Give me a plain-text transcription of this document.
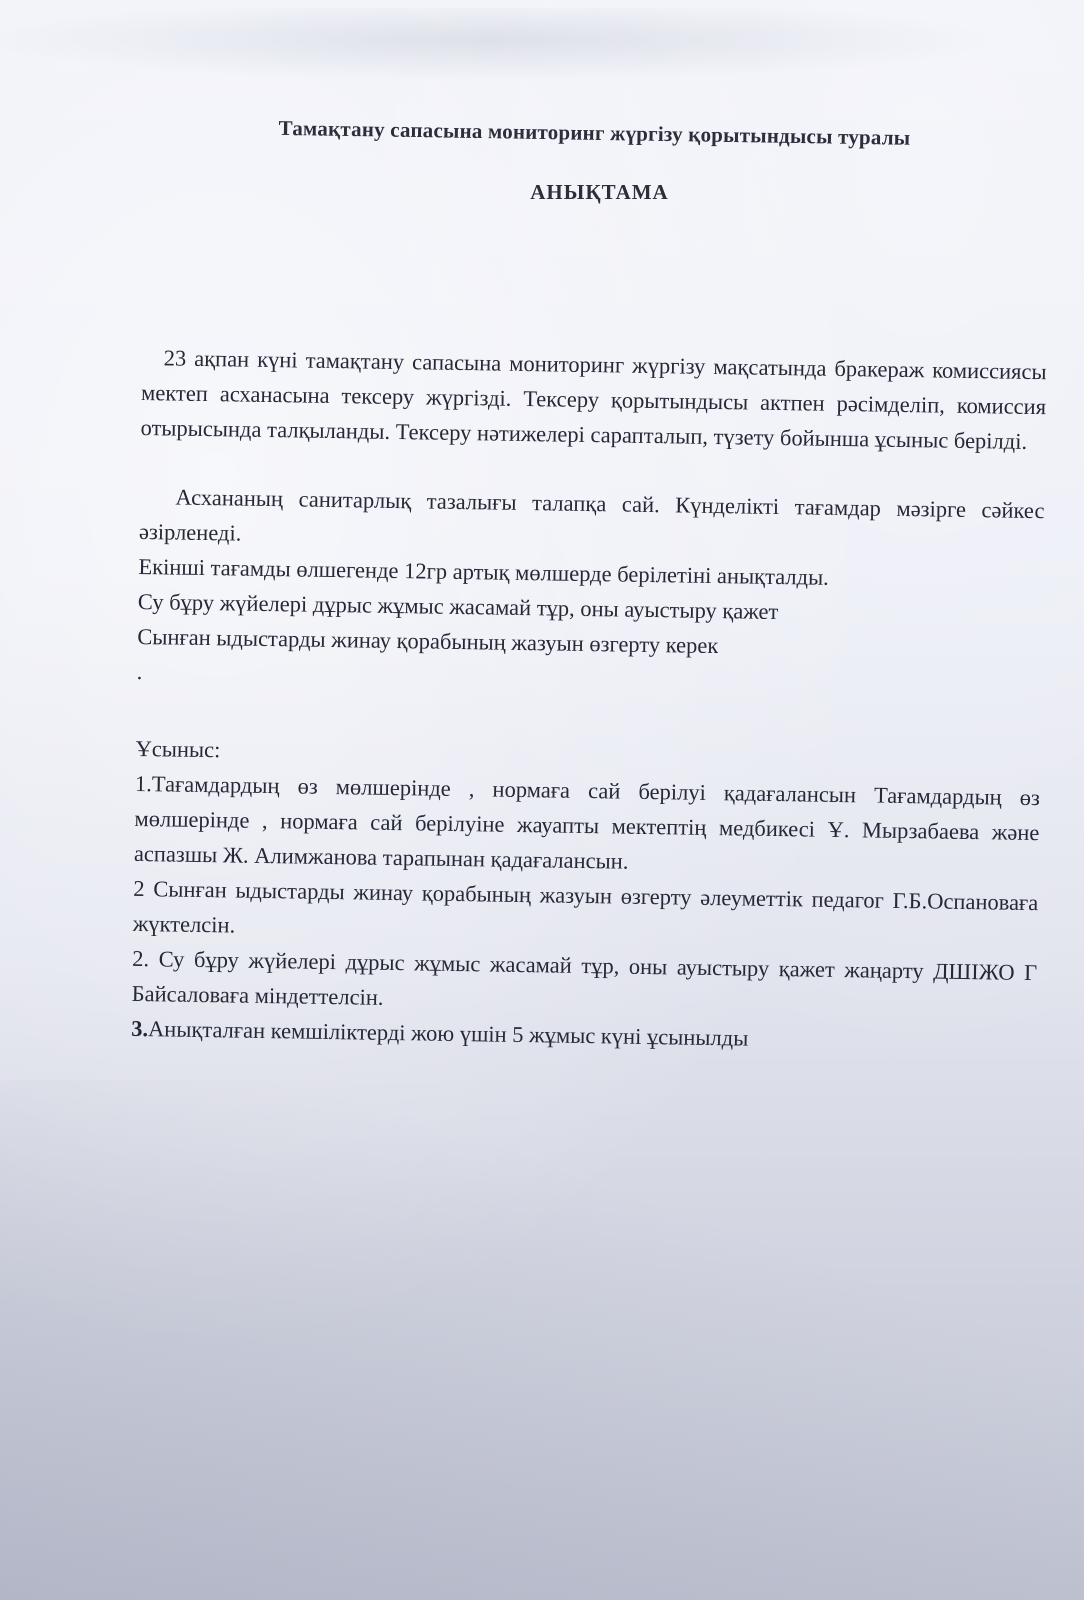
Тамақтану сапасына мониторинг жүргізу қорытындысы туралы
АНЫҚТАМА

23 ақпан күні тамақтану сапасына мониторинг жүргізу мақсатында бракераж комиссиясы мектеп асханасына тексеру жүргізді. Тексеру қорытындысы актпен рәсімделіп, комиссия отырысында талқыланды. Тексеру нәтижелері сарапталып, түзету бойынша ұсыныс берілді.

Асхананың санитарлық тазалығы талапқа сай. Күнделікті тағамдар мәзірге сәйкес әзірленеді.

Екінші тағамды өлшегенде 12гр артық мөлшерде берілетіні анықталды.

Су бұру жүйелері дұрыс жұмыс жасамай тұр, оны ауыстыру қажет

Сынған ыдыстарды жинау қорабының жазуын өзгерту керек

.

Ұсыныс:

1.Тағамдардың өз мөлшерінде , нормаға сай берілуі қадағалансын Тағамдардың өз мөлшерінде , нормаға сай берілуіне жауапты мектептің медбикесі Ұ. Мырзабаева және аспазшы Ж. Алимжанова тарапынан қадағалансын.

2 Сынған ыдыстарды жинау қорабының жазуын өзгерту әлеуметтік педагог Г.Б.Оспановаға жүктелсін.

2. Су бұру жүйелері дұрыс жұмыс жасамай тұр, оны ауыстыру қажет жаңарту ДШІЖО Г Байсаловаға міндеттелсін.

3.Анықталған кемшіліктерді жою үшін 5 жұмыс күні ұсынылды
